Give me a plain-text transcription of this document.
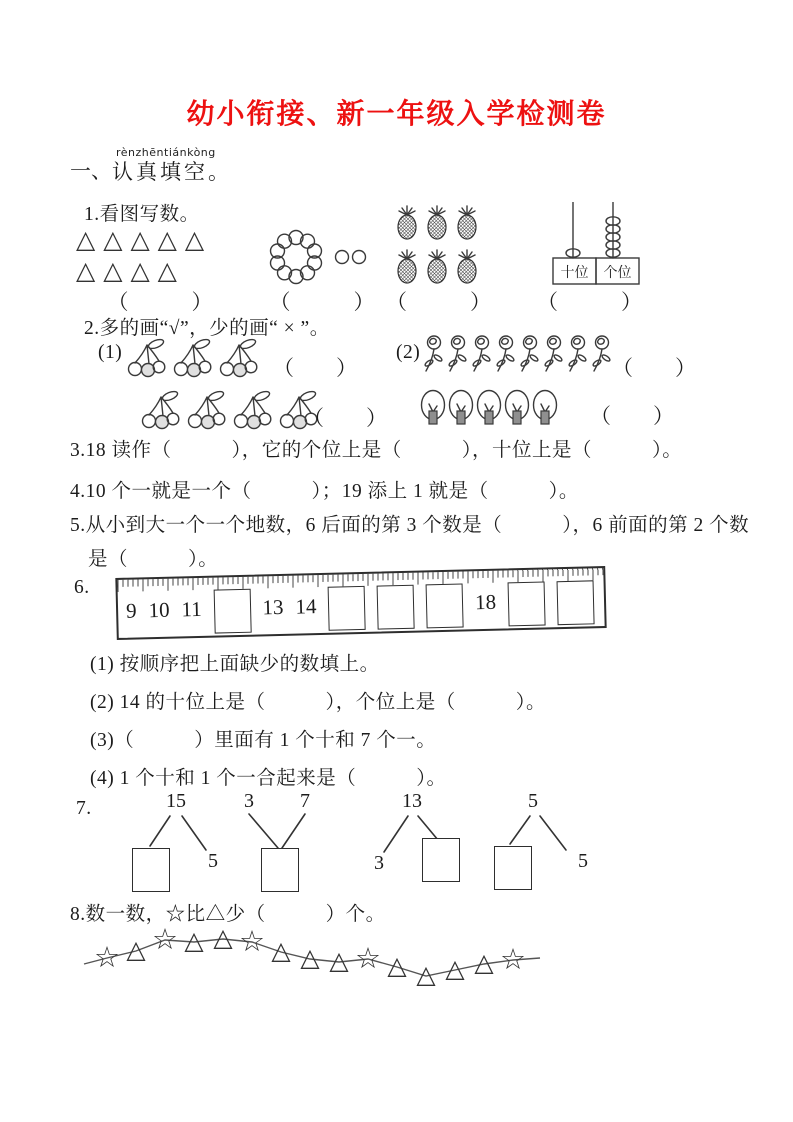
幼小衔接、新一年级入学检测卷
一、
rènzhēntiánkòng
认真填空。
1.看图写数。
△△△△△
△△△△	十位 个位
（　　　）	（　　　） （　　　） （　　　）
2.多的画“√”，少的画“ × ”。
(1)
（　　）
（　　）
(2)
（　　）
（　　）
3.18 读作（　　　），它的个位上是（　　　），十位上是（　　　）。
4.10 个一就是一个（　　　）；19 添上 1 就是（　　　）。
5.从小到大一个一个地数，6 后面的第 3 个数是（　　　），6 前面的第 2 个数
是（　　　）。
6.
9 10 11	13 14	18
(1) 按顺序把上面缺少的数填上。
(2) 14 的十位上是（　　　），个位上是（　　　）。
(3)（　　　）里面有 1 个十和 7 个一。
(4) 1 个十和 1 个一合起来是（　　　）。
7.	15
5
3	7	13
3
5
5
8.数一数，☆比△少（　　　）个。
☆ △ ☆ △ △ ☆ △ △ △ ☆ △ △ △ △ ☆
